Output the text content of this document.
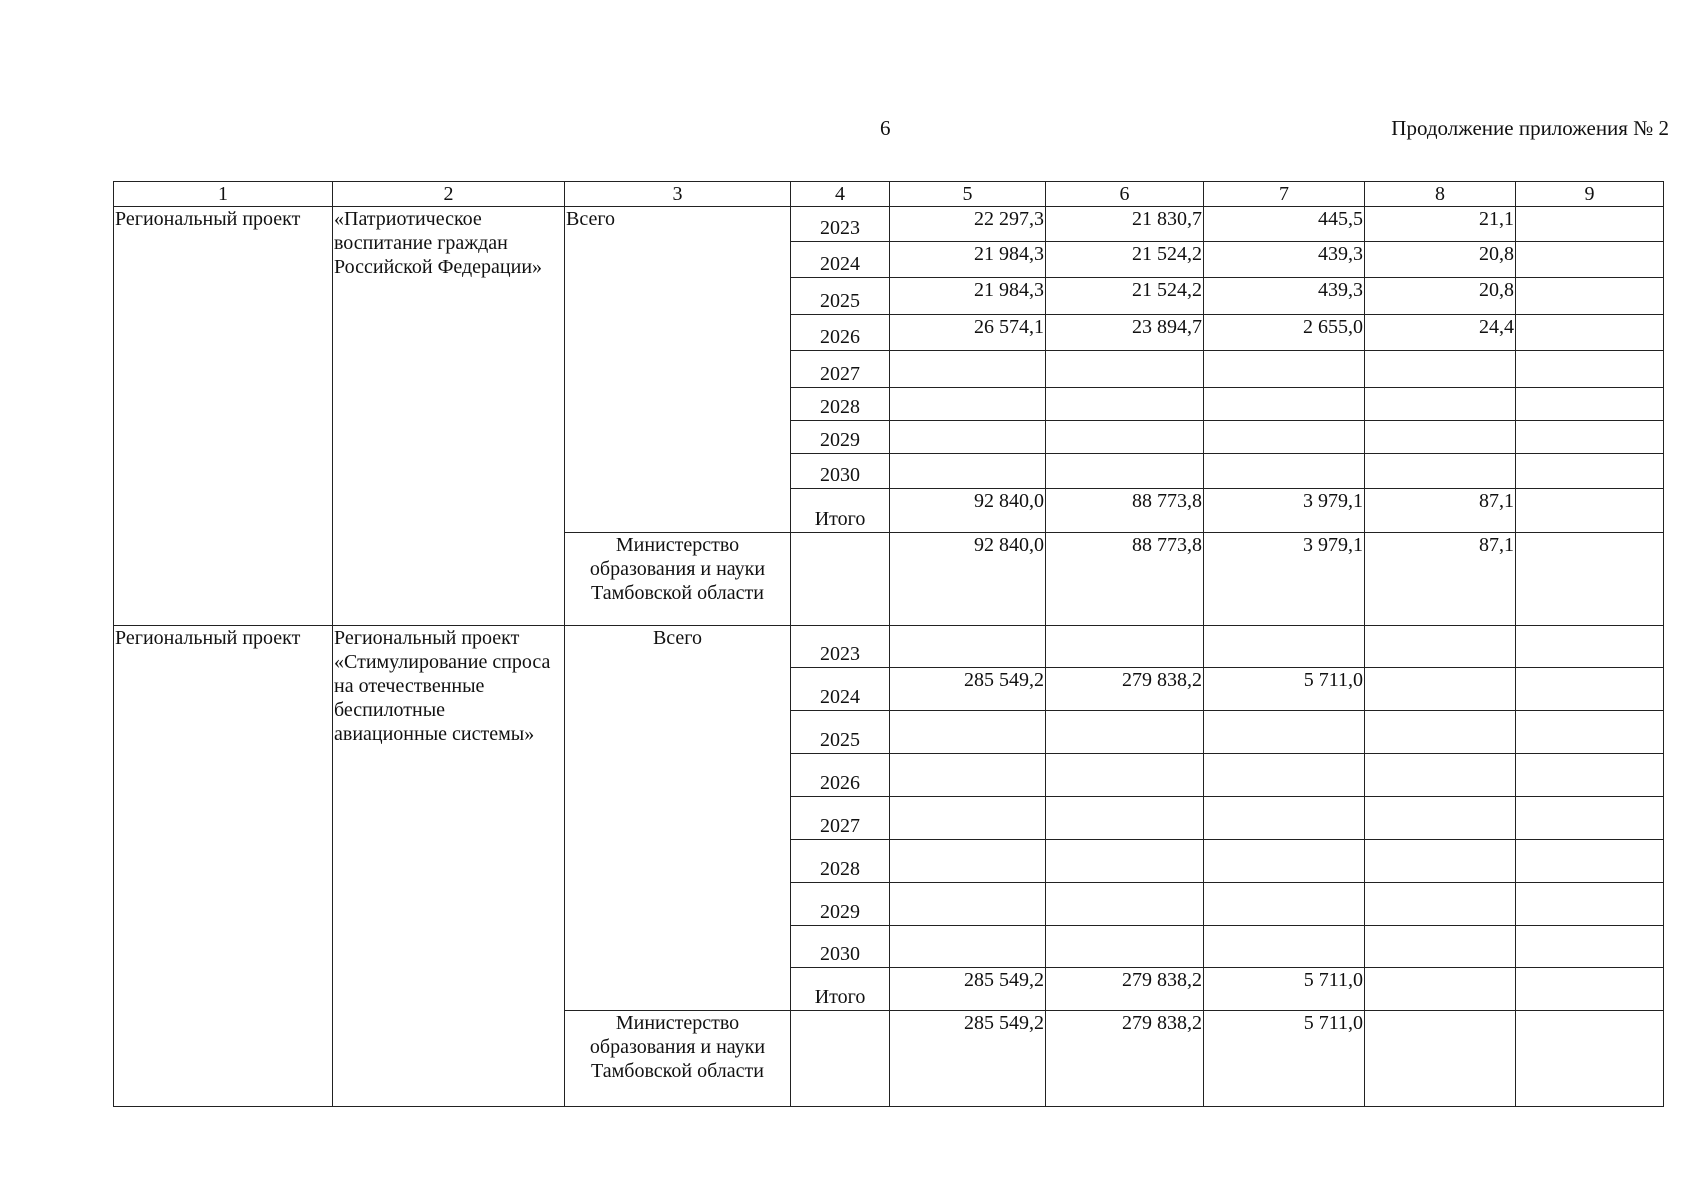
6	Продолжение приложения № 2
1	2	3	4	5	6	7	8	9
Региональный проект	«Патриотическое воспитание граждан Российской Федерации»	Всего	2023	22 297,3	21 830,7	445,5	21,1	
			2024	21 984,3	21 524,2	439,3	20,8	
			2025	21 984,3	21 524,2	439,3	20,8	
			2026	26 574,1	23 894,7	2 655,0	24,4	
			2027					
			2028					
			2029					
			2030					
			Итого	92 840,0	88 773,8	3 979,1	87,1	
		Министерство образования и науки Тамбовской области		92 840,0	88 773,8	3 979,1	87,1	
Региональный проект	Региональный проект «Стимулирование спроса на отечественные беспилотные авиационные системы»	Всего	2023					
			2024	285 549,2	279 838,2	5 711,0		
			2025					
			2026					
			2027					
			2028					
			2029					
			2030					
			Итого	285 549,2	279 838,2	5 711,0		
		Министерство образования и науки Тамбовской области		285 549,2	279 838,2	5 711,0		
